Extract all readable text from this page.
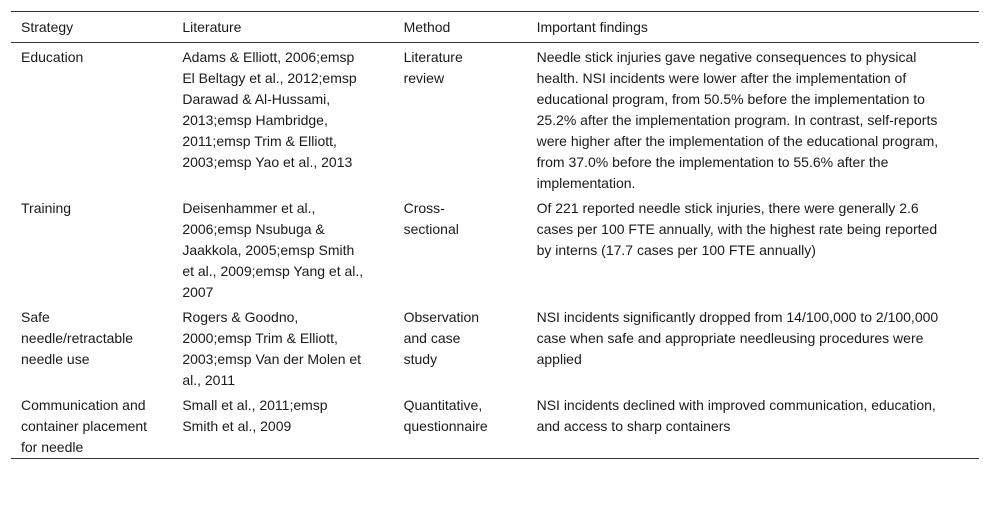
Strategy	Literature	Method	Important findings
Education	Adams & Elliott, 2006;emsp El Beltagy et al., 2012;emsp Darawad & Al-Hussami, 2013;emsp Hambridge, 2011;emsp Trim & Elliott, 2003;emsp Yao et al., 2013	Literature review	Needle stick injuries gave negative consequences to physical health. NSI incidents were lower after the implementation of educational program, from 50.5% before the implementation to 25.2% after the implementation program. In contrast, self-reports were higher after the implementation of the educational program, from 37.0% before the implementation to 55.6% after the implementation.
Training	Deisenhammer et al., 2006;emsp Nsubuga & Jaakkola, 2005;emsp Smith et al., 2009;emsp Yang et al., 2007	Cross-sectional	Of 221 reported needle stick injuries, there were generally 2.6 cases per 100 FTE annually, with the highest rate being reported by interns (17.7 cases per 100 FTE annually)
Safe needle/retractable needle use	Rogers & Goodno, 2000;emsp Trim & Elliott, 2003;emsp Van der Molen et al., 2011	Observation and case study	NSI incidents significantly dropped from 14/100,000 to 2/100,000 case when safe and appropriate needleusing procedures were applied
Communication and container placement for needle	Small et al., 2011;emsp Smith et al., 2009	Quantitative, questionnaire	NSI incidents declined with improved communication, education, and access to sharp containers
